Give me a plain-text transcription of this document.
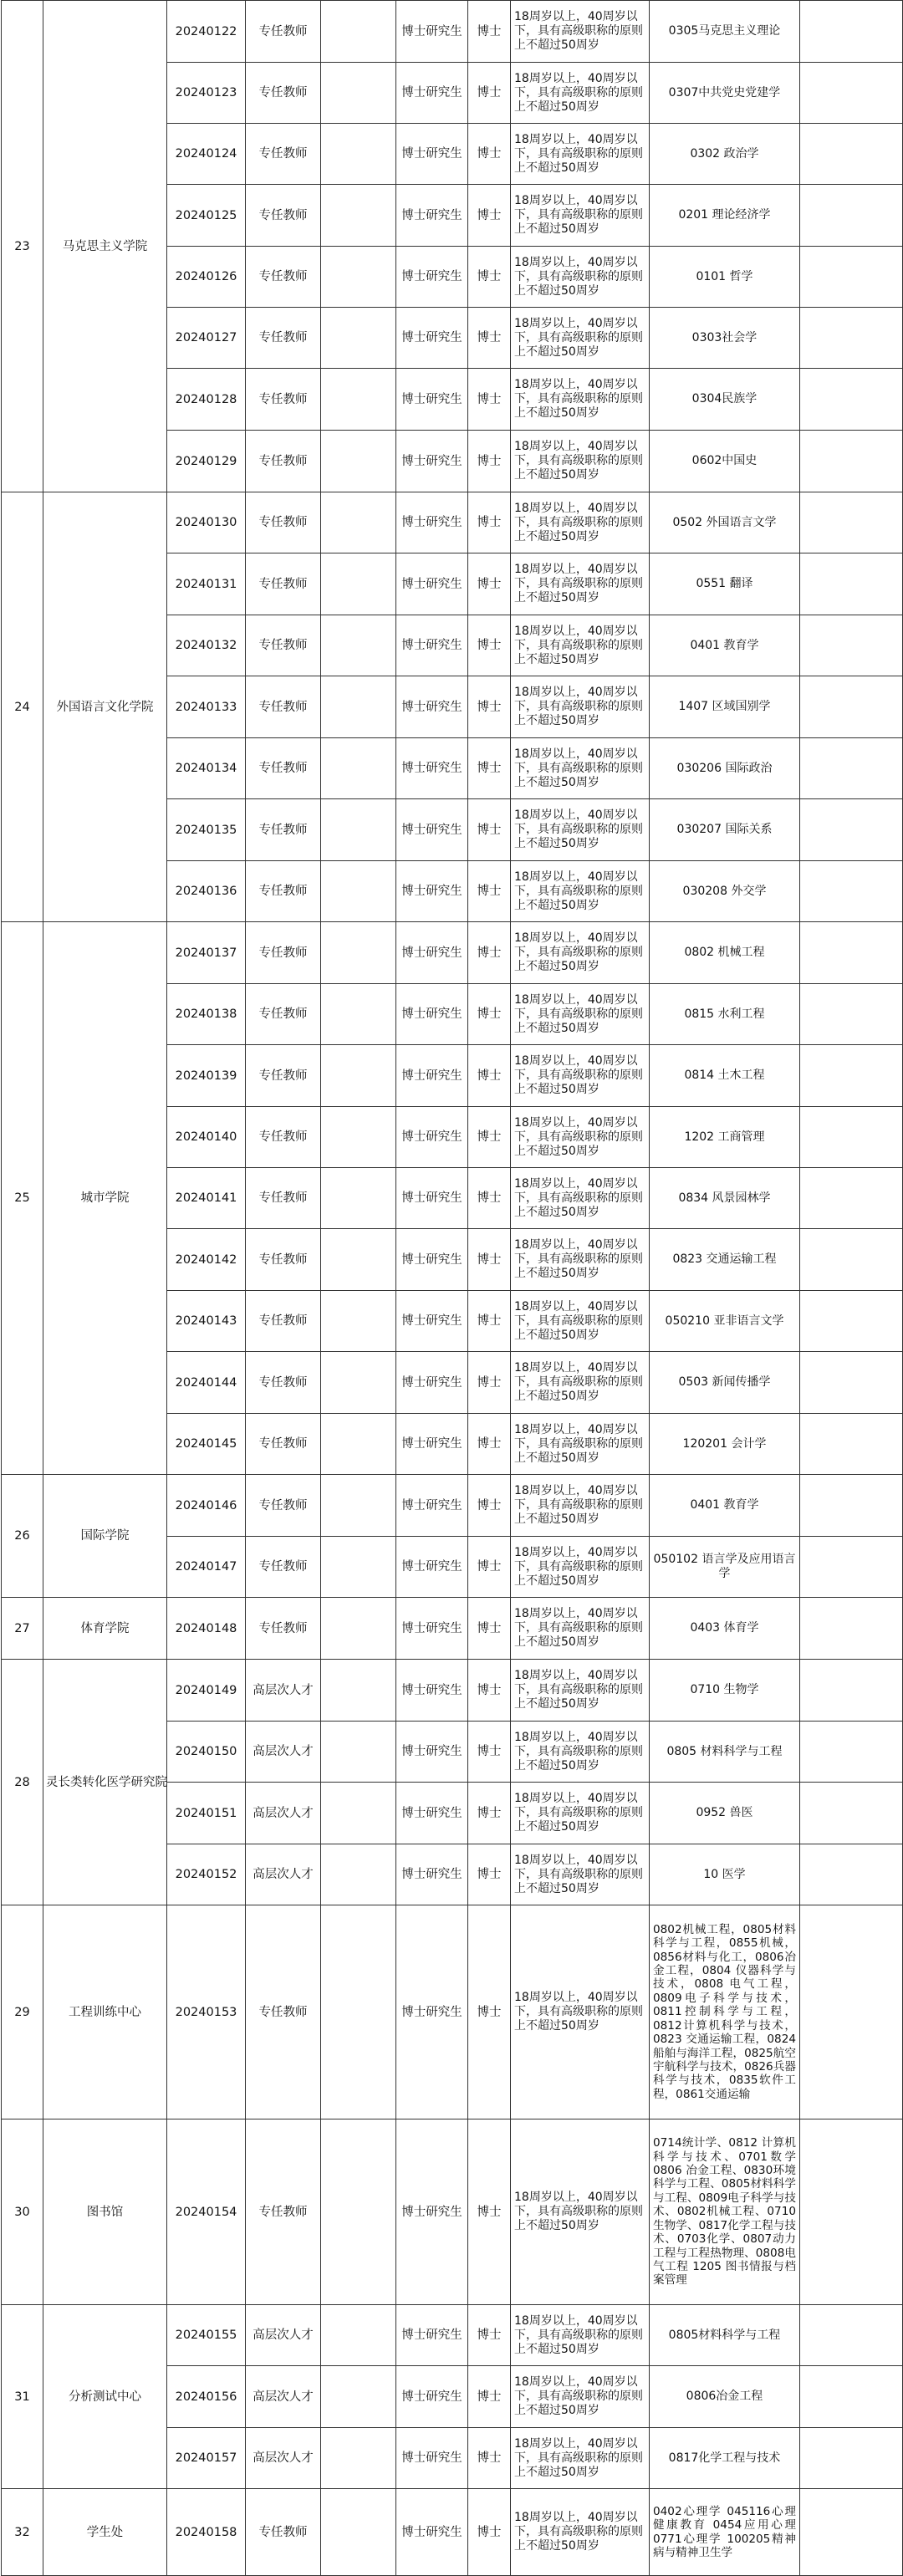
23	马克思主义学院	20240122	专任教师		博士研究生	博士	18周岁以上，40周岁以下，具有高级职称的原则上不超过50周岁	0305马克思主义理论	
		20240123	专任教师		博士研究生	博士	18周岁以上，40周岁以下，具有高级职称的原则上不超过50周岁	0307中共党史党建学	
		20240124	专任教师		博士研究生	博士	18周岁以上，40周岁以下，具有高级职称的原则上不超过50周岁	0302 政治学	
		20240125	专任教师		博士研究生	博士	18周岁以上，40周岁以下，具有高级职称的原则上不超过50周岁	0201 理论经济学	
		20240126	专任教师		博士研究生	博士	18周岁以上，40周岁以下，具有高级职称的原则上不超过50周岁	0101 哲学	
		20240127	专任教师		博士研究生	博士	18周岁以上，40周岁以下，具有高级职称的原则上不超过50周岁	0303社会学	
		20240128	专任教师		博士研究生	博士	18周岁以上，40周岁以下，具有高级职称的原则上不超过50周岁	0304民族学	
		20240129	专任教师		博士研究生	博士	18周岁以上，40周岁以下，具有高级职称的原则上不超过50周岁	0602中国史	
24	外国语言文化学院	20240130	专任教师		博士研究生	博士	18周岁以上，40周岁以下，具有高级职称的原则上不超过50周岁	0502 外国语言文学	
		20240131	专任教师		博士研究生	博士	18周岁以上，40周岁以下，具有高级职称的原则上不超过50周岁	0551 翻译	
		20240132	专任教师		博士研究生	博士	18周岁以上，40周岁以下，具有高级职称的原则上不超过50周岁	0401 教育学	
		20240133	专任教师		博士研究生	博士	18周岁以上，40周岁以下，具有高级职称的原则上不超过50周岁	1407 区域国别学	
		20240134	专任教师		博士研究生	博士	18周岁以上，40周岁以下，具有高级职称的原则上不超过50周岁	030206 国际政治	
		20240135	专任教师		博士研究生	博士	18周岁以上，40周岁以下，具有高级职称的原则上不超过50周岁	030207 国际关系	
		20240136	专任教师		博士研究生	博士	18周岁以上，40周岁以下，具有高级职称的原则上不超过50周岁	030208 外交学	
25	城市学院	20240137	专任教师		博士研究生	博士	18周岁以上，40周岁以下，具有高级职称的原则上不超过50周岁	0802 机械工程	
		20240138	专任教师		博士研究生	博士	18周岁以上，40周岁以下，具有高级职称的原则上不超过50周岁	0815 水利工程	
		20240139	专任教师		博士研究生	博士	18周岁以上，40周岁以下，具有高级职称的原则上不超过50周岁	0814 土木工程	
		20240140	专任教师		博士研究生	博士	18周岁以上，40周岁以下，具有高级职称的原则上不超过50周岁	1202 工商管理	
		20240141	专任教师		博士研究生	博士	18周岁以上，40周岁以下，具有高级职称的原则上不超过50周岁	0834 风景园林学	
		20240142	专任教师		博士研究生	博士	18周岁以上，40周岁以下，具有高级职称的原则上不超过50周岁	0823 交通运输工程	
		20240143	专任教师		博士研究生	博士	18周岁以上，40周岁以下，具有高级职称的原则上不超过50周岁	050210 亚非语言文学	
		20240144	专任教师		博士研究生	博士	18周岁以上，40周岁以下，具有高级职称的原则上不超过50周岁	0503 新闻传播学	
		20240145	专任教师		博士研究生	博士	18周岁以上，40周岁以下，具有高级职称的原则上不超过50周岁	120201 会计学	
26	国际学院	20240146	专任教师		博士研究生	博士	18周岁以上，40周岁以下，具有高级职称的原则上不超过50周岁	0401 教育学	
		20240147	专任教师		博士研究生	博士	18周岁以上，40周岁以下，具有高级职称的原则上不超过50周岁	050102 语言学及应用语言学	
27	体育学院	20240148	专任教师		博士研究生	博士	18周岁以上，40周岁以下，具有高级职称的原则上不超过50周岁	0403 体育学	
28	灵长类转化医学研究院	20240149	高层次人才		博士研究生	博士	18周岁以上，40周岁以下，具有高级职称的原则上不超过50周岁	0710 生物学	
		20240150	高层次人才		博士研究生	博士	18周岁以上，40周岁以下，具有高级职称的原则上不超过50周岁	0805 材料科学与工程	
		20240151	高层次人才		博士研究生	博士	18周岁以上，40周岁以下，具有高级职称的原则上不超过50周岁	0952 兽医	
		20240152	高层次人才		博士研究生	博士	18周岁以上，40周岁以下，具有高级职称的原则上不超过50周岁	10 医学	
29	工程训练中心	20240153	专任教师		博士研究生	博士	18周岁以上，40周岁以下，具有高级职称的原则上不超过50周岁	0802机械工程，0805材料科学与工程，0855机械，0856材料与化工，0806冶金工程，0804 仪器科学与技术，0808 电气工程，0809电子科学与技术，0811控制科学与工程，0812计算机科学与技术，0823 交通运输工程，0824船舶与海洋工程，0825航空宇航科学与技术，0826兵器科学与技术，0835软件工程，0861交通运输	
30	图书馆	20240154	专任教师		博士研究生	博士	18周岁以上，40周岁以下，具有高级职称的原则上不超过50周岁	0714统计学、0812 计算机科学与技术、0701数学0806 冶金工程、0830环境科学与工程、0805材料科学与工程、0809电子科学与技术、0802机械工程、0710生物学、0817化学工程与技术、0703化学、0807动力工程与工程热物理、0808电气工程 1205 图书情报与档案管理	
31	分析测试中心	20240155	高层次人才		博士研究生	博士	18周岁以上，40周岁以下，具有高级职称的原则上不超过50周岁	0805材料科学与工程	
		20240156	高层次人才		博士研究生	博士	18周岁以上，40周岁以下，具有高级职称的原则上不超过50周岁	0806冶金工程	
		20240157	高层次人才		博士研究生	博士	18周岁以上，40周岁以下，具有高级职称的原则上不超过50周岁	0817化学工程与技术	
32	学生处	20240158	专任教师		博士研究生	博士	18周岁以上，40周岁以下，具有高级职称的原则上不超过50周岁	0402心理学 045116心理健康教育 0454应用心理 0771心理学 100205精神病与精神卫生学	
